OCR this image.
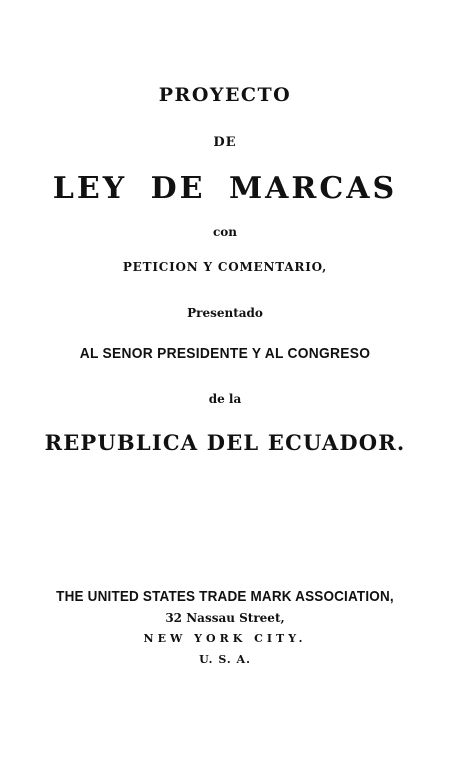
PROYECTO
DE
LEY DE MARCAS
con
PETICION Y COMENTARIO,
Presentado
AL SENOR PRESIDENTE Y AL CONGRESO
de la
REPUBLICA DEL ECUADOR.
THE UNITED STATES TRADE MARK ASSOCIATION,
32 Nassau Street,
NEW YORK CITY.
U. S. A.
